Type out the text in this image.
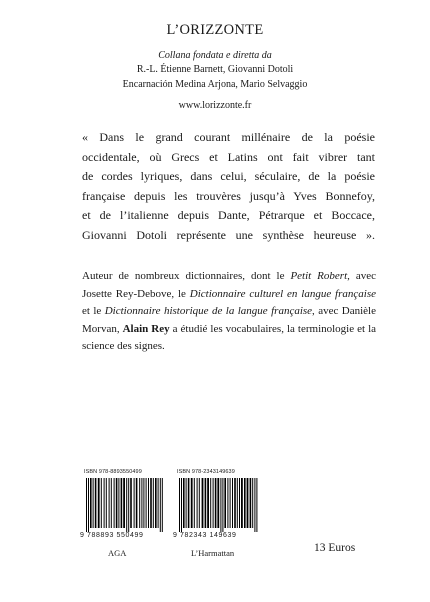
L’ORIZZONTE
Collana fondata e diretta da
R.-L. Étienne Barnett, Giovanni Dotoli
Encarnación Medina Arjona, Mario Selvaggio
www.lorizzonte.fr
« Dans le grand courant millénaire de la poésie
occidentale, où Grecs et Latins ont fait vibrer tant
de cordes lyriques, dans celui, séculaire, de la poésie
française depuis les trouvères jusqu’à Yves Bonnefoy,
et de l’italienne depuis Dante, Pétrarque et Boccace,
Giovanni Dotoli représente une synthèse heureuse ».
Auteur de nombreux dictionnaires, dont le Petit Robert, avec Josette Rey-Debove, le Dictionnaire culturel en langue française et le Dictionnaire historique de la langue française, avec Danièle Morvan, Alain Rey a étudié les vocabulaires, la terminologie et la science des signes.
ISBN 978-8893550499
9 788893 550499
AGA
ISBN 978-2343149639
9 782343 149639
L’Harmattan	13 Euros
